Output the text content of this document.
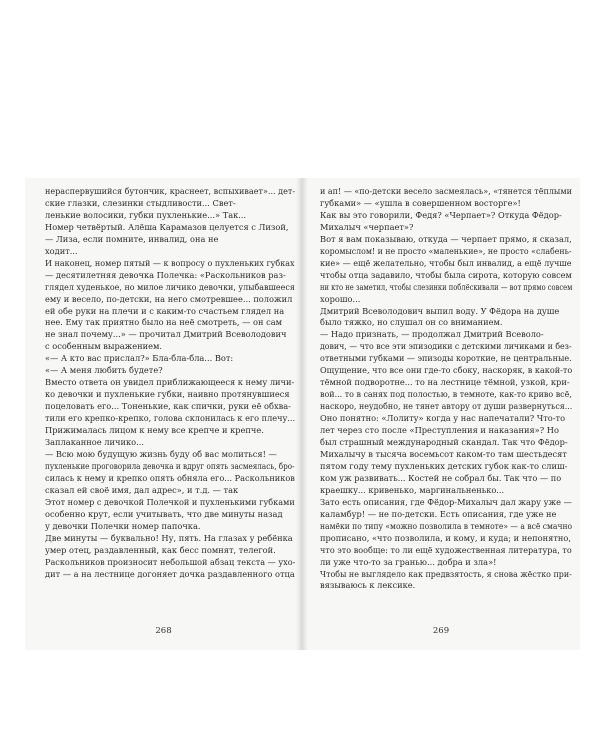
нераспервушийся бутончик, краснеет, вспыхивает»... дет-
ские глазки, слезинки стыдливости... Свет-
ленькие волосики, губки пухленькие...» Так...
Номер четвёртый. Алёша Карамазов целуется с Лизой,
— Лиза, если помните, инвалид, она не
ходит...
И наконец, номер пятый — к вопросу о пухленьких губках
— десятилетняя девочка Полечка: «Раскольников раз-
глядел худенькое, но милое личико девочки, улыбавшееся
ему и весело, по-детски, на него смотревшее... положил
ей обе руки на плечи и с каким-то счастьем глядел на
нее. Ему так приятно было на неё смотреть, — он сам
не знал почему...» — прочитал Дмитрий Всеволодович
с особенным выражением.
«— А кто вас прислал?» Бла-бла-бла... Вот:
«— А меня любить будете?
Вместо ответа он увидел приближающееся к нему личи-
ко девочки и пухленькие губки, наивно протянувшиеся
поцеловать его... Тоненькие, как спички, руки её обхва-
тили его крепко-крепко, голова склонилась к его плечу...
Прижималась лицом к нему все крепче и крепче.
Заплаканное личико...
— Всю мою будущую жизнь буду об вас молиться! —
пухленькие проговорила девочка и вдруг опять засмеялась, бро-
силась к нему и крепко опять обняла его... Раскольников
сказал ей своё имя, дал адрес», и т.д. — так
Этот номер с девочкой Полечкой и пухленькими губками
особенно крут, если учитывать, что две минуты назад
у девочки Полечки номер папочка.
Две минуты — буквально! Ну, пять. На глазах у ребёнка
умер отец, раздавленный, как бесс помнят, телегой.
Раскольников произносит небольшой абзац текста — ухо-
дит — а на лестнице догоняет дочка раздавленного отца
268
и ап! — «по-детски весело засмеялась», «тянется тёплыми
губками» — «ушла в совершенном восторге»!
Как вы это говорили, Федя? «Черпает»? Откуда Фёдор-
Михалыч «черпает»?
Вот я вам показываю, откуда — черпает прямо, я сказал,
коромыслом! и не просто «маленькие», не просто «слабень-
кие» — ещё желательно, чтобы был инвалид, а ещё лучше
чтобы отца задавило, чтобы была сирота, которую совсем
ни кто не заметил, чтобы слезинки поблёскивали — вот прямо совсем
хорошо...
Дмитрий Всеволодович выпил воду. У Фёдора на душе
было тяжко, но слушал он со вниманием.
— Надо признать, — продолжал Дмитрий Всеволо-
дович, — что все эти эпизодики с детскими личиками и без-
ответными губками — эпизоды короткие, не центральные.
Ощущение, что все они где-то сбоку, наскоряк, в какой-то
тёмной подворотне... то на лестнице тёмной, узкой, кри-
вой... то в санях под полостью, в темноте, как-то криво всё,
наскоро, неудобно, не тянет автору от души развернуться...
Оно понятно: «Лолиту» когда у нас напечатали? Что-то
лет через сто после «Преступления и наказания»? Но
был страшный международный скандал. Так что Фёдор-
Михалычу в тысяча восемьсот каком-то там шестьдесят
пятом году тему пухленьких детских губок как-то слиш-
ком уж развивать... Костей не собрал бы. Так что — по
краешку... кривенько, маргинальненько...
Зато есть описания, где Фёдор-Михалыч дал жару уже —
каламбур! — не по-детски. Есть описания, где уже не
намёки по типу «можно позволила в темноте» — а всё смачно
прописано, «что позволила, и кому, и куда; и непонятно,
что это вообще: то ли ещё художественная литература, то
ли уже что-то за гранью... добра и зла»!
Чтобы не выглядело как предвзятость, я снова жёстко при-
вязываюсь к лексике.
269
